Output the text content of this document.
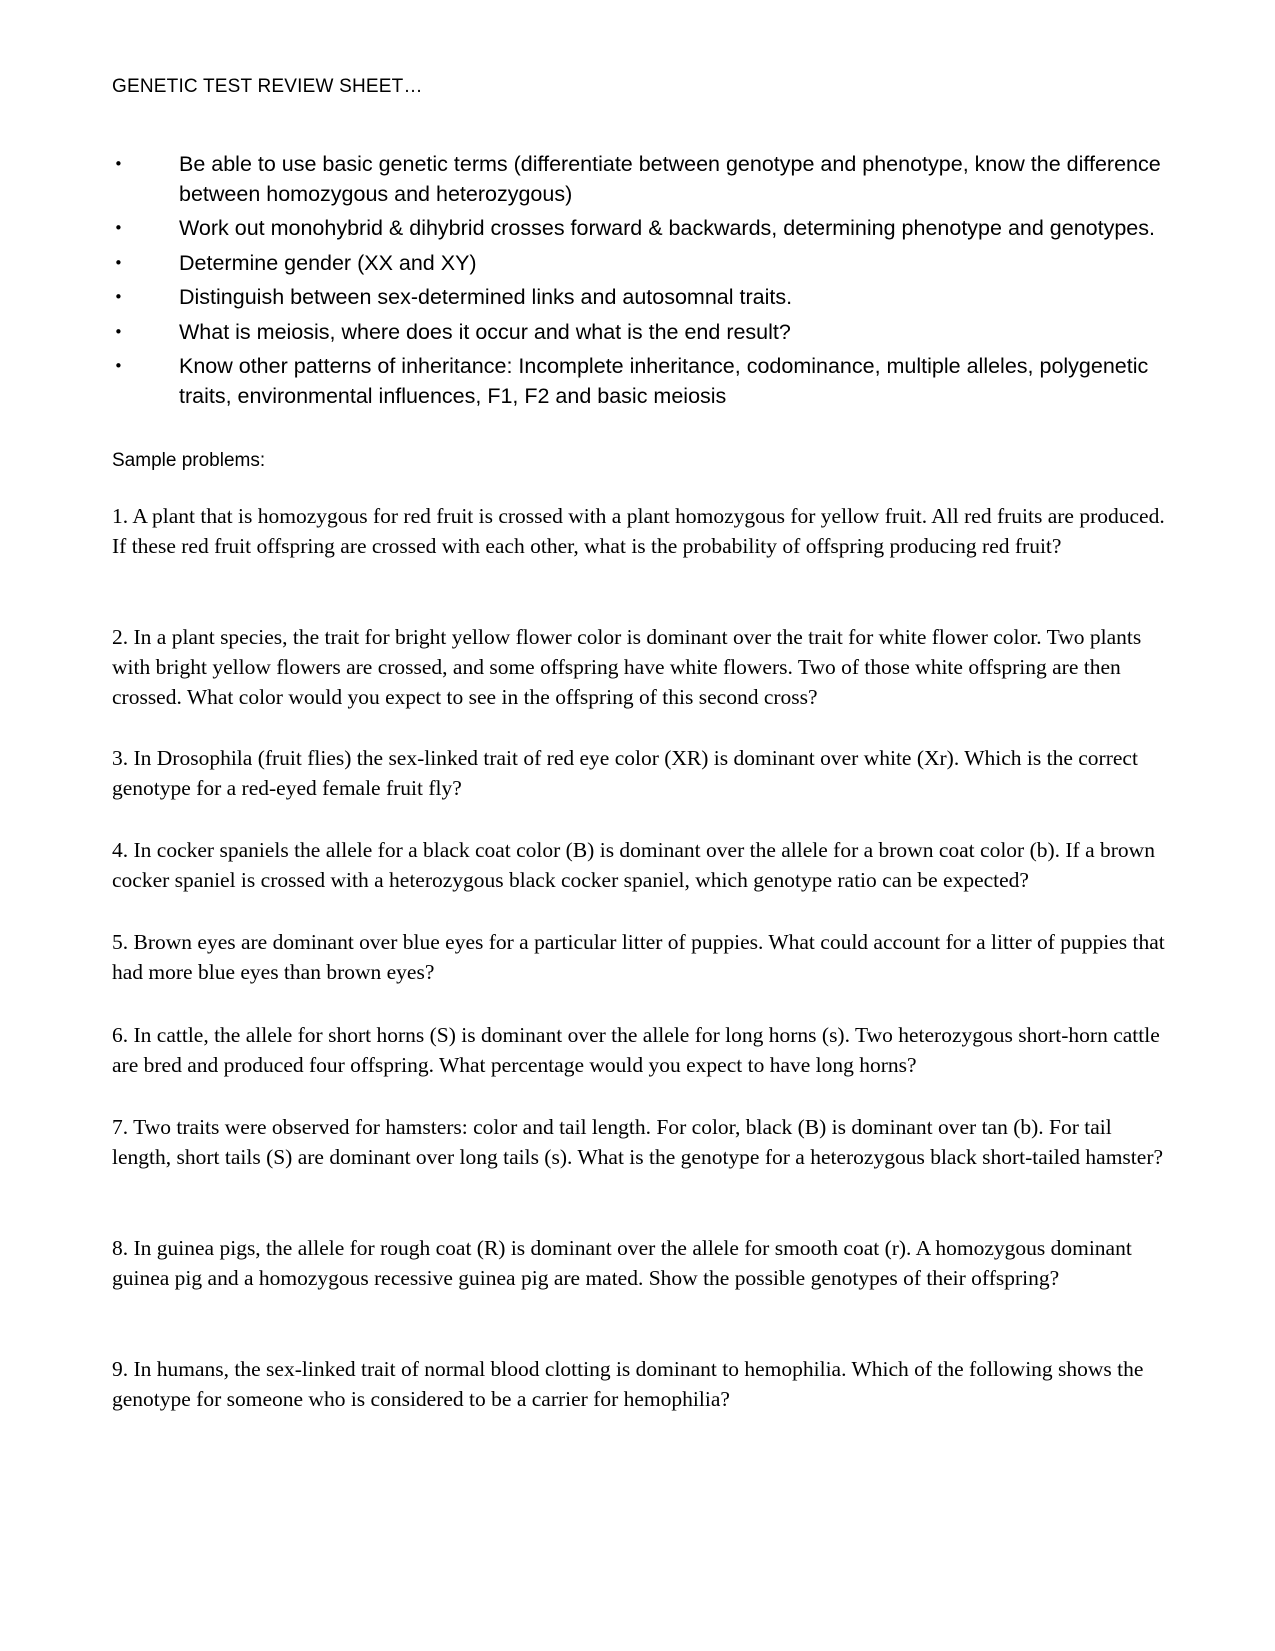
GENETIC TEST REVIEW SHEET…
•	Be able to use basic genetic terms (differentiate between genotype and phenotype, know the difference between homozygous and heterozygous)
•	Work out monohybrid & dihybrid crosses forward & backwards, determining phenotype and genotypes.
•	Determine gender (XX and XY)
•	Distinguish between sex-determined links and autosomnal traits.
•	What is meiosis, where does it occur and what is the end result?
•	Know other patterns of inheritance: Incomplete inheritance, codominance, multiple alleles, polygenetic traits, environmental influences, F1, F2 and basic meiosis
Sample problems:

1. A plant that is homozygous for red fruit is crossed with a plant homozygous for yellow fruit. All red fruits are produced. If these red fruit offspring are crossed with each other, what is the probability of offspring producing red fruit?

2. In a plant species, the trait for bright yellow flower color is dominant over the trait for white flower color. Two plants with bright yellow flowers are crossed, and some offspring have white flowers. Two of those white offspring are then crossed. What color would you expect to see in the offspring of this second cross?

3. In Drosophila (fruit flies) the sex-linked trait of red eye color (XR) is dominant over white (Xr). Which is the correct genotype for a red-eyed female fruit fly?

4. In cocker spaniels the allele for a black coat color (B) is dominant over the allele for a brown coat color (b). If a brown cocker spaniel is crossed with a heterozygous black cocker spaniel, which genotype ratio can be expected?

5. Brown eyes are dominant over blue eyes for a particular litter of puppies. What could account for a litter of puppies that had more blue eyes than brown eyes?

6. In cattle, the allele for short horns (S) is dominant over the allele for long horns (s). Two heterozygous short-horn cattle are bred and produced four offspring. What percentage would you expect to have long horns?

7. Two traits were observed for hamsters: color and tail length. For color, black (B) is dominant over tan (b). For tail length, short tails (S) are dominant over long tails (s). What is the genotype for a heterozygous black short-tailed hamster?

8. In guinea pigs, the allele for rough coat (R) is dominant over the allele for smooth coat (r). A homozygous dominant guinea pig and a homozygous recessive guinea pig are mated. Show the possible genotypes of their offspring?

9. In humans, the sex-linked trait of normal blood clotting is dominant to hemophilia. Which of the following shows the genotype for someone who is considered to be a carrier for hemophilia?
